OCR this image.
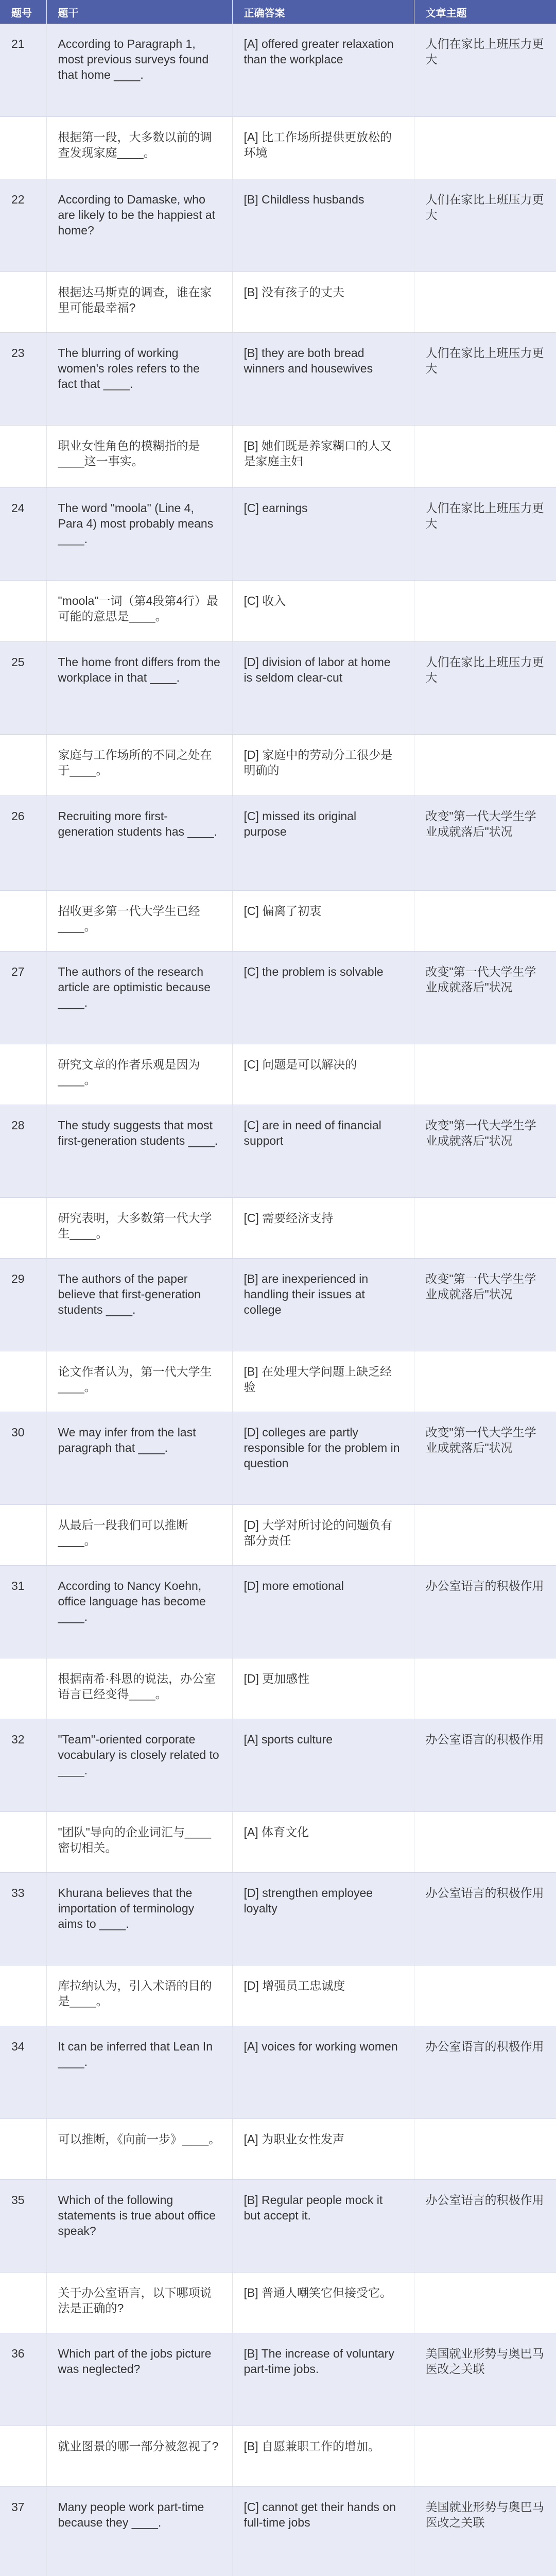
题号	题干	正确答案	文章主题
21	According to Paragraph 1, most previous surveys found that home ____.	[A] offered greater relaxation than the workplace	人们在家比上班压力更大
	根据第一段，大多数以前的调查发现家庭____。	[A] 比工作场所提供更放松的环境	
22	According to Damaske, who are likely to be the happiest at home?	[B] Childless husbands	人们在家比上班压力更大
	根据达马斯克的调查，谁在家里可能最幸福?	[B] 没有孩子的丈夫	
23	The blurring of working women's roles refers to the fact that ____.	[B] they are both bread winners and housewives	人们在家比上班压力更大
	职业女性角色的模糊指的是____这一事实。	[B] 她们既是养家糊口的人又是家庭主妇	
24	The word "moola" (Line 4, Para 4) most probably means ____.	[C] earnings	人们在家比上班压力更大
	"moola"一词（第4段第4行）最可能的意思是____。	[C] 收入	
25	The home front differs from the workplace in that ____.	[D] division of labor at home is seldom clear-cut	人们在家比上班压力更大
	家庭与工作场所的不同之处在于____。	[D] 家庭中的劳动分工很少是明确的	
26	Recruiting more first-generation students has ____.	[C] missed its original purpose	改变"第一代大学生学业成就落后"状况
	招收更多第一代大学生已经____。	[C] 偏离了初衷	
27	The authors of the research article are optimistic because ____.	[C] the problem is solvable	改变"第一代大学生学业成就落后"状况
	研究文章的作者乐观是因为____。	[C] 问题是可以解决的	
28	The study suggests that most first-generation students ____.	[C] are in need of financial support	改变"第一代大学生学业成就落后"状况
	研究表明，大多数第一代大学生____。	[C] 需要经济支持	
29	The authors of the paper believe that first-generation students ____.	[B] are inexperienced in handling their issues at college	改变"第一代大学生学业成就落后"状况
	论文作者认为，第一代大学生____。	[B] 在处理大学问题上缺乏经验	
30	We may infer from the last paragraph that ____.	[D] colleges are partly responsible for the problem in question	改变"第一代大学生学业成就落后"状况
	从最后一段我们可以推断____。	[D] 大学对所讨论的问题负有部分责任	
31	According to Nancy Koehn, office language has become ____.	[D] more emotional	办公室语言的积极作用
	根据南希·科恩的说法，办公室语言已经变得____。	[D] 更加感性	
32	"Team"-oriented corporate vocabulary is closely related to ____.	[A] sports culture	办公室语言的积极作用
	"团队"导向的企业词汇与____密切相关。	[A] 体育文化	
33	Khurana believes that the importation of terminology aims to ____.	[D] strengthen employee loyalty	办公室语言的积极作用
	库拉纳认为，引入术语的目的是____。	[D] 增强员工忠诚度	
34	It can be inferred that Lean In ____.	[A] voices for working women	办公室语言的积极作用
	可以推断，《向前一步》____。	[A] 为职业女性发声	
35	Which of the following statements is true about office speak?	[B] Regular people mock it but accept it.	办公室语言的积极作用
	关于办公室语言，以下哪项说法是正确的?	[B] 普通人嘲笑它但接受它。	
36	Which part of the jobs picture was neglected?	[B] The increase of voluntary part-time jobs.	美国就业形势与奥巴马医改之关联
	就业图景的哪一部分被忽视了?	[B] 自愿兼职工作的增加。	
37	Many people work part-time because they ____.	[C] cannot get their hands on full-time jobs	美国就业形势与奥巴马医改之关联
